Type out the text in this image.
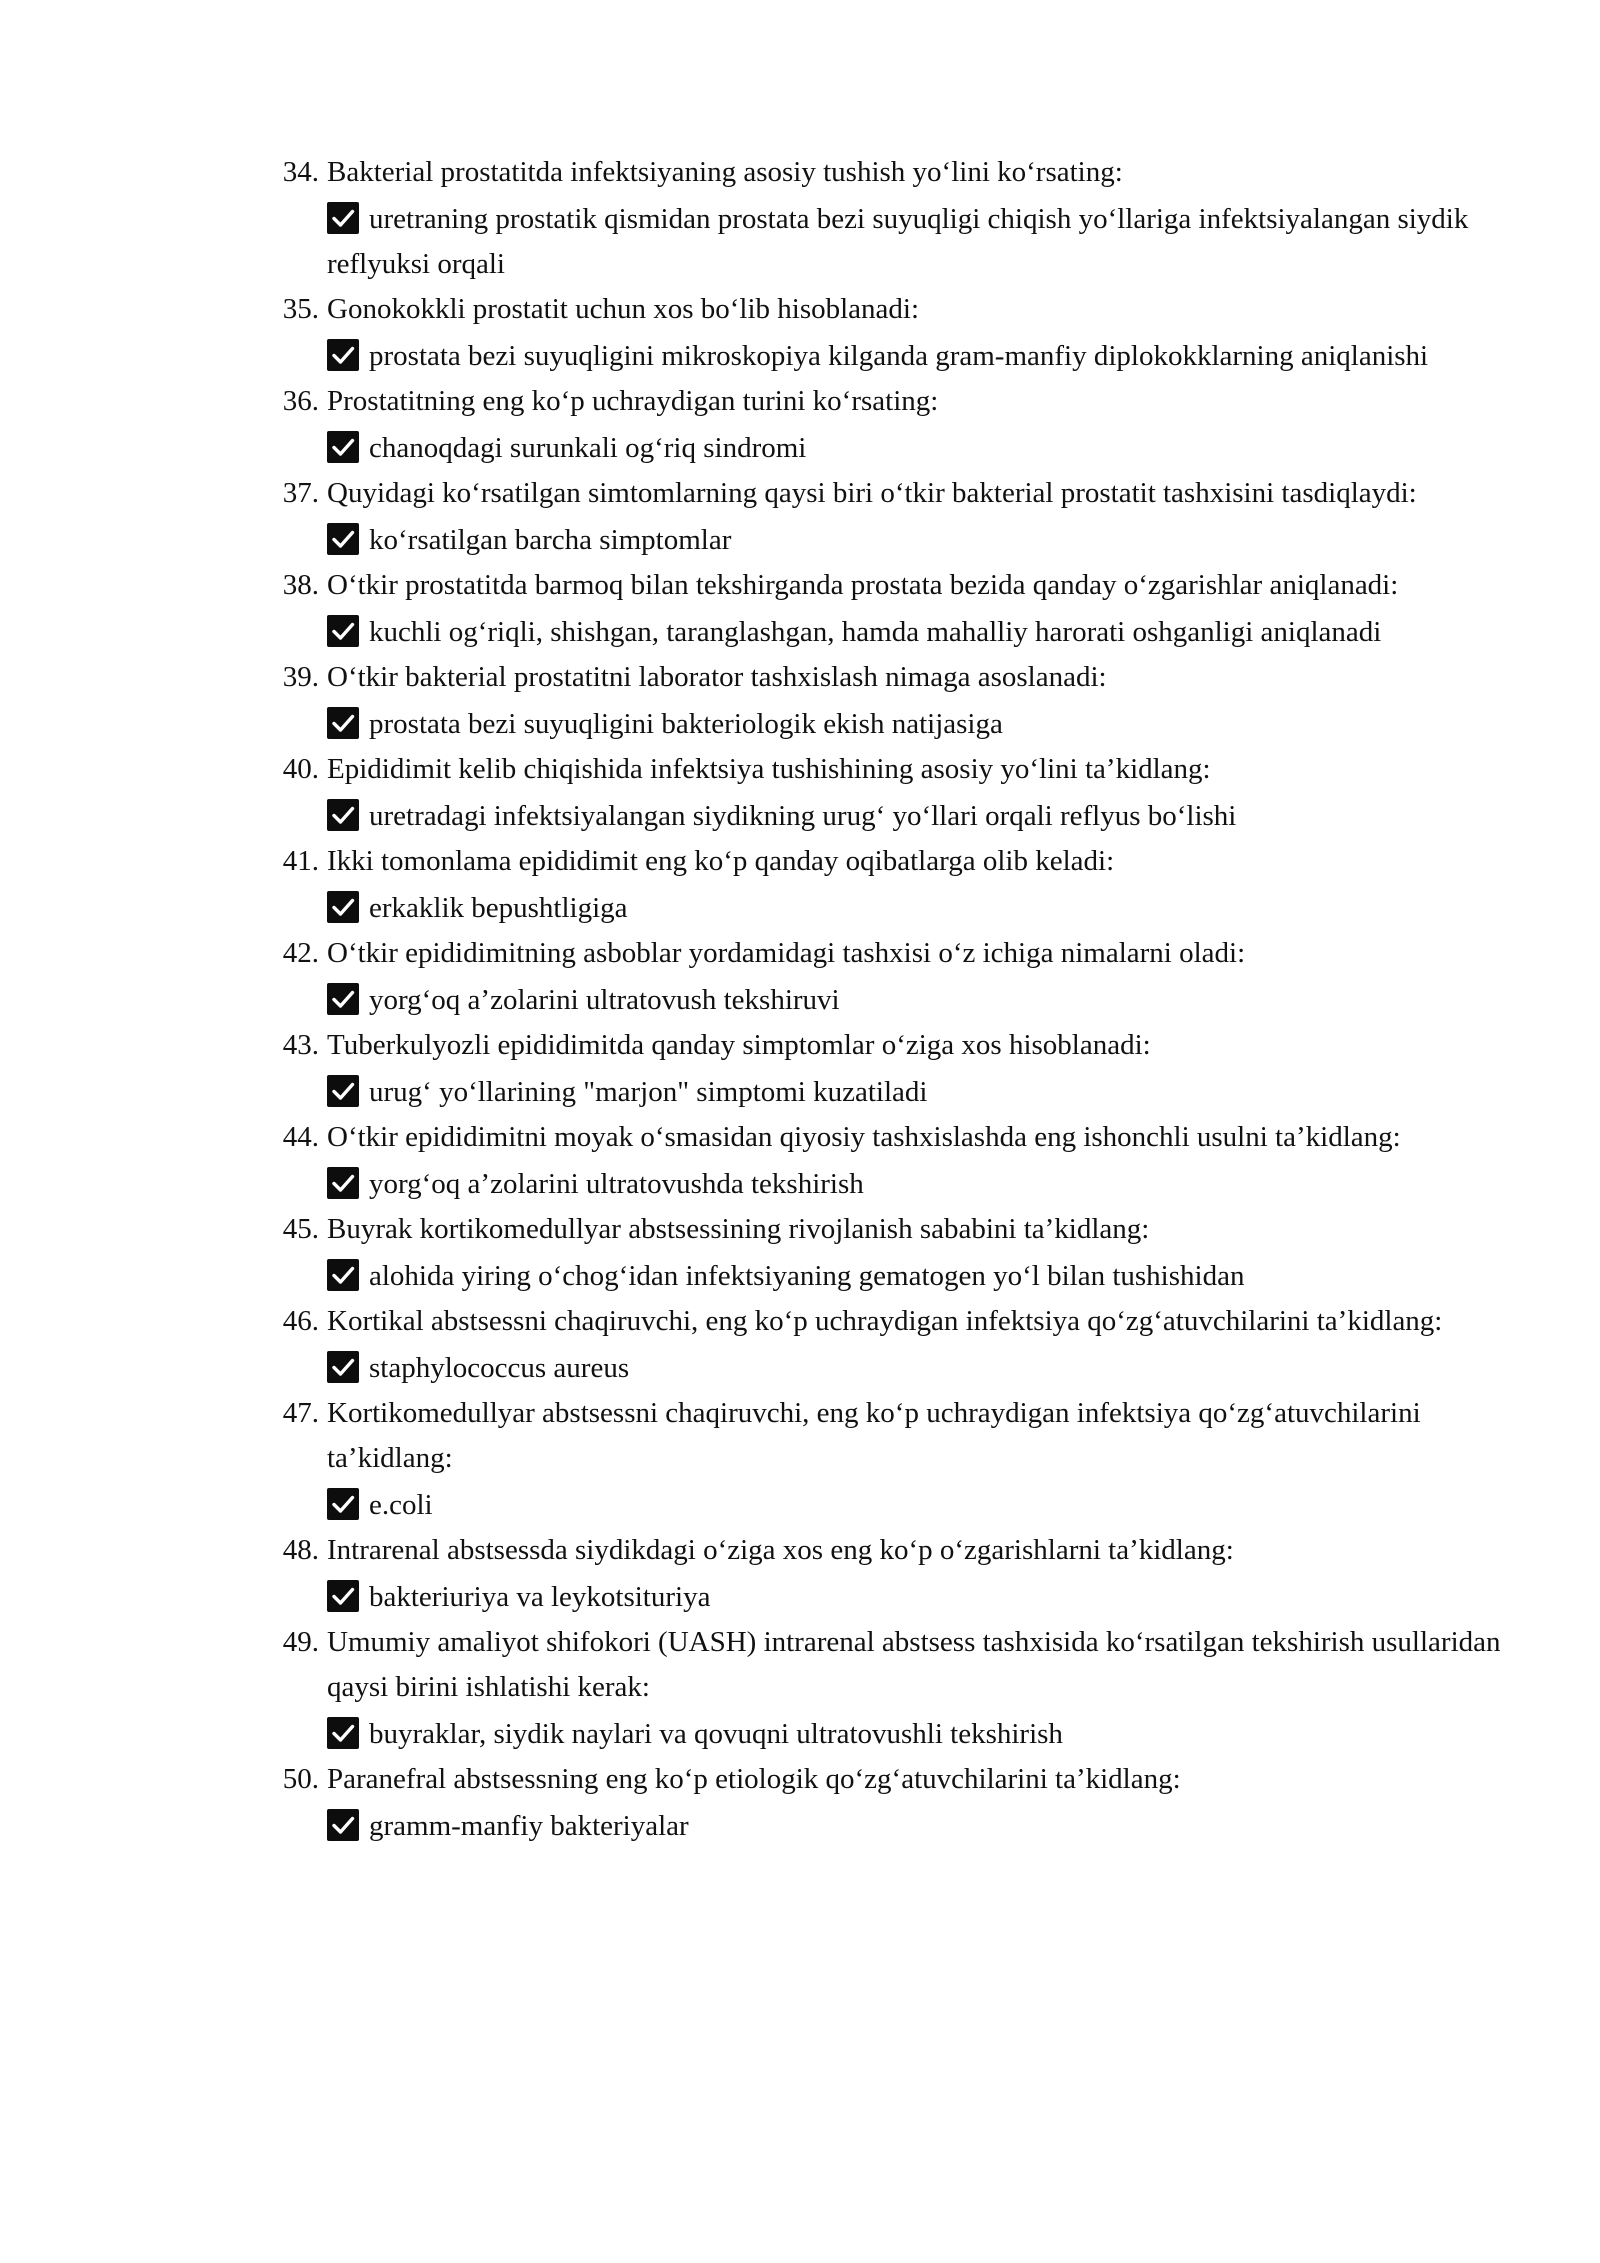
34. Bakterial prostatitda infektsiyaning asosiy tushish yo‘lini ko‘rsating:
uretraning prostatik qismidan prostata bezi suyuqligi chiqish yo‘llariga infektsiyalangan siydik reflyuksi orqali
35. Gonokokkli prostatit uchun xos bo‘lib hisoblanadi:
prostata bezi suyuqligini mikroskopiya kilganda gram-manfiy diplokokklarning aniqlanishi
36. Prostatitning eng ko‘p uchraydigan turini ko‘rsating:
chanoqdagi surunkali og‘riq sindromi
37. Quyidagi ko‘rsatilgan simtomlarning qaysi biri o‘tkir bakterial prostatit tashxisini tasdiqlaydi:
ko‘rsatilgan barcha simptomlar
38. O‘tkir prostatitda barmoq bilan tekshirganda prostata bezida qanday o‘zgarishlar aniqlanadi:
kuchli og‘riqli, shishgan, taranglashgan, hamda mahalliy harorati oshganligi aniqlanadi
39. O‘tkir bakterial prostatitni laborator tashxislash nimaga asoslanadi:
prostata bezi suyuqligini bakteriologik ekish natijasiga
40. Epididimit kelib chiqishida infektsiya tushishining asosiy yo‘lini ta’kidlang:
uretradagi infektsiyalangan siydikning urug‘ yo‘llari orqali reflyus bo‘lishi
41. Ikki tomonlama epididimit eng ko‘p qanday oqibatlarga olib keladi:
erkaklik bepushtligiga
42. O‘tkir epididimitning asboblar yordamidagi tashxisi o‘z ichiga nimalarni oladi:
yorg‘oq a’zolarini ultratovush tekshiruvi
43. Tuberkulyozli epididimitda qanday simptomlar o‘ziga xos hisoblanadi:
urug‘ yo‘llarining "marjon" simptomi kuzatiladi
44. O‘tkir epididimitni moyak o‘smasidan qiyosiy tashxislashda eng ishonchli usulni ta’kidlang:
yorg‘oq a’zolarini ultratovushda tekshirish
45. Buyrak kortikomedullyar abstsessining rivojlanish sababini ta’kidlang:
alohida yiring o‘chog‘idan infektsiyaning gematogen yo‘l bilan tushishidan
46. Kortikal abstsessni chaqiruvchi, eng ko‘p uchraydigan infektsiya qo‘zg‘atuvchilarini ta’kidlang:
staphylococcus aureus
47. Kortikomedullyar abstsessni chaqiruvchi, eng ko‘p uchraydigan infektsiya qo‘zg‘atuvchilarini ta’kidlang:
e.coli
48. Intrarenal abstsessda siydikdagi o‘ziga xos eng ko‘p o‘zgarishlarni ta’kidlang:
bakteriuriya va leykotsituriya
49. Umumiy amaliyot shifokori (UASH) intrarenal abstsess tashxisida ko‘rsatilgan tekshirish usullaridan qaysi birini ishlatishi kerak:
buyraklar, siydik naylari va qovuqni ultratovushli tekshirish
50. Paranefral abstsessning eng ko‘p etiologik qo‘zg‘atuvchilarini ta’kidlang:
gramm-manfiy bakteriyalar
